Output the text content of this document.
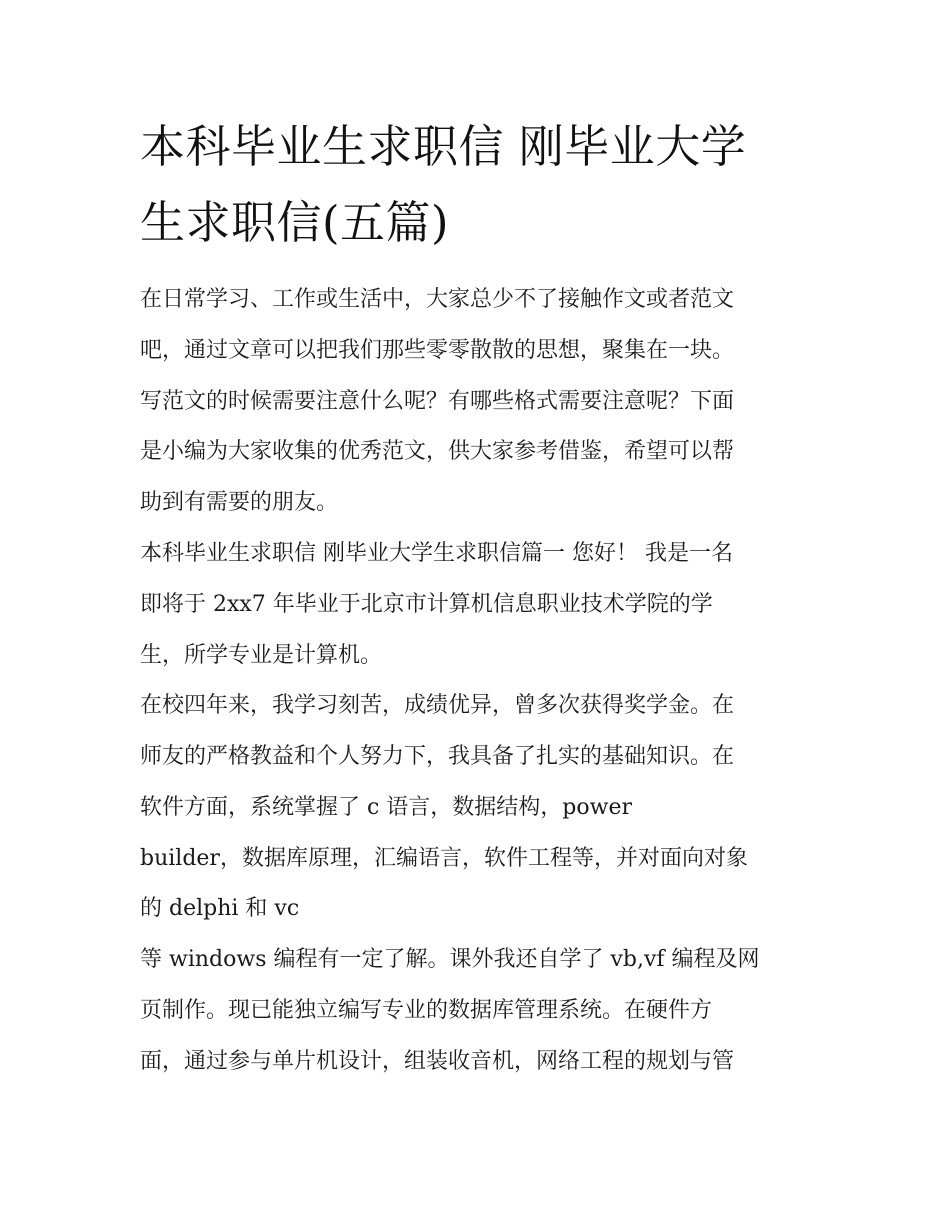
本科毕业生求职信 刚毕业大学
生求职信(五篇)
在日常学习、工作或生活中，大家总少不了接触作文或者范文
吧，通过文章可以把我们那些零零散散的思想，聚集在一块。
写范文的时候需要注意什么呢？有哪些格式需要注意呢？下面
是小编为大家收集的优秀范文，供大家参考借鉴，希望可以帮
助到有需要的朋友。
本科毕业生求职信 刚毕业大学生求职信篇一 您好！ 我是一名
即将于 2xx7 年毕业于北京市计算机信息职业技术学院的学
生，所学专业是计算机。
在校四年来，我学习刻苦，成绩优异，曾多次获得奖学金。在
师友的严格教益和个人努力下，我具备了扎实的基础知识。在
软件方面，系统掌握了 c 语言，数据结构，power
builder，数据库原理，汇编语言，软件工程等，并对面向对象
的 delphi 和 vc
等 windows 编程有一定了解。课外我还自学了 vb,vf 编程及网
页制作。现已能独立编写专业的数据库管理系统。在硬件方
面，通过参与单片机设计，组装收音机，网络工程的规划与管
